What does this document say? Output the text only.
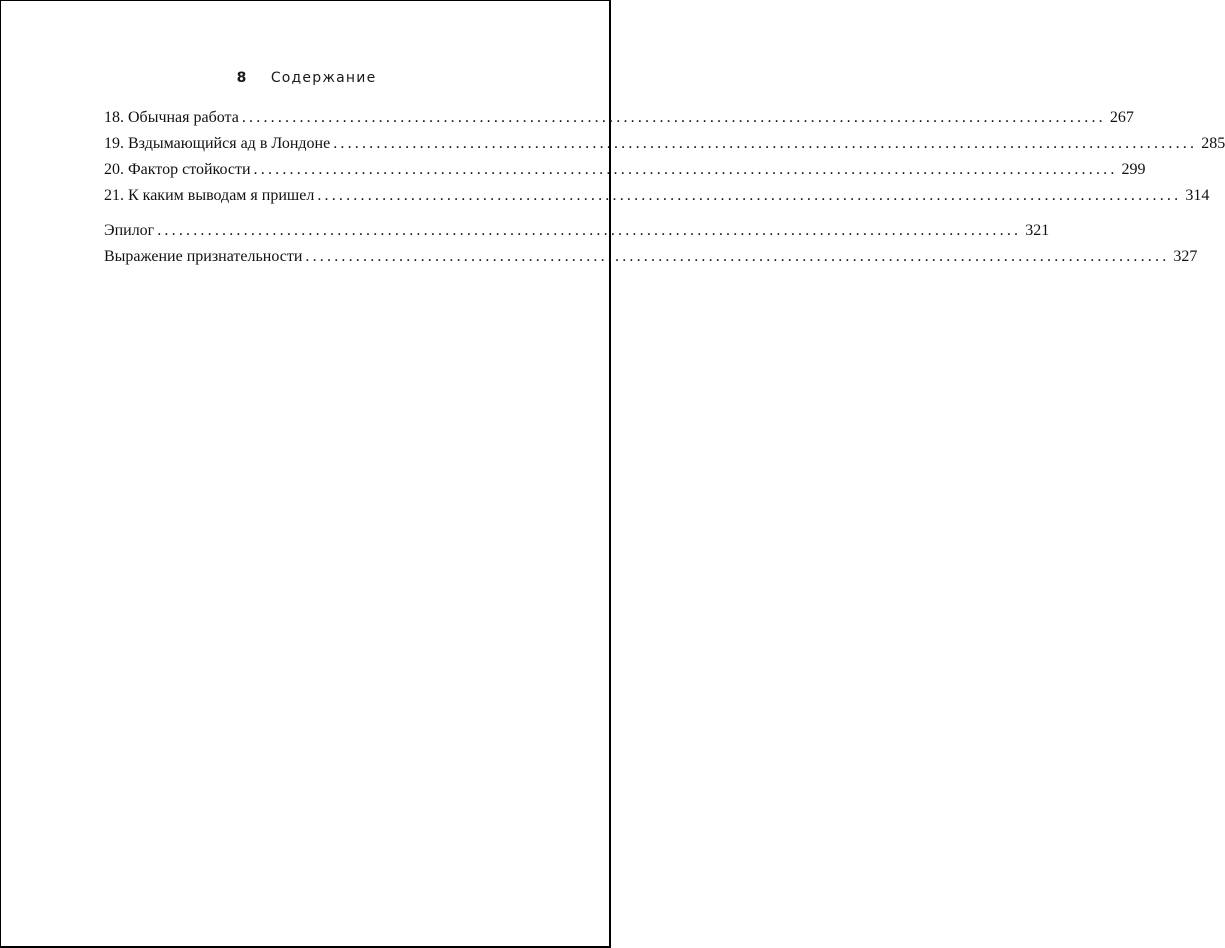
8 Содержание
18. Обычная работа ........................................................................................................................ 267
19. Вздымающийся ад в Лондоне ........................................................................................................................ 285
20. Фактор стойкости ........................................................................................................................ 299
21. К каким выводам я пришел ........................................................................................................................ 314
Эпилог ........................................................................................................................ 321
Выражение признательности ........................................................................................................................ 327
